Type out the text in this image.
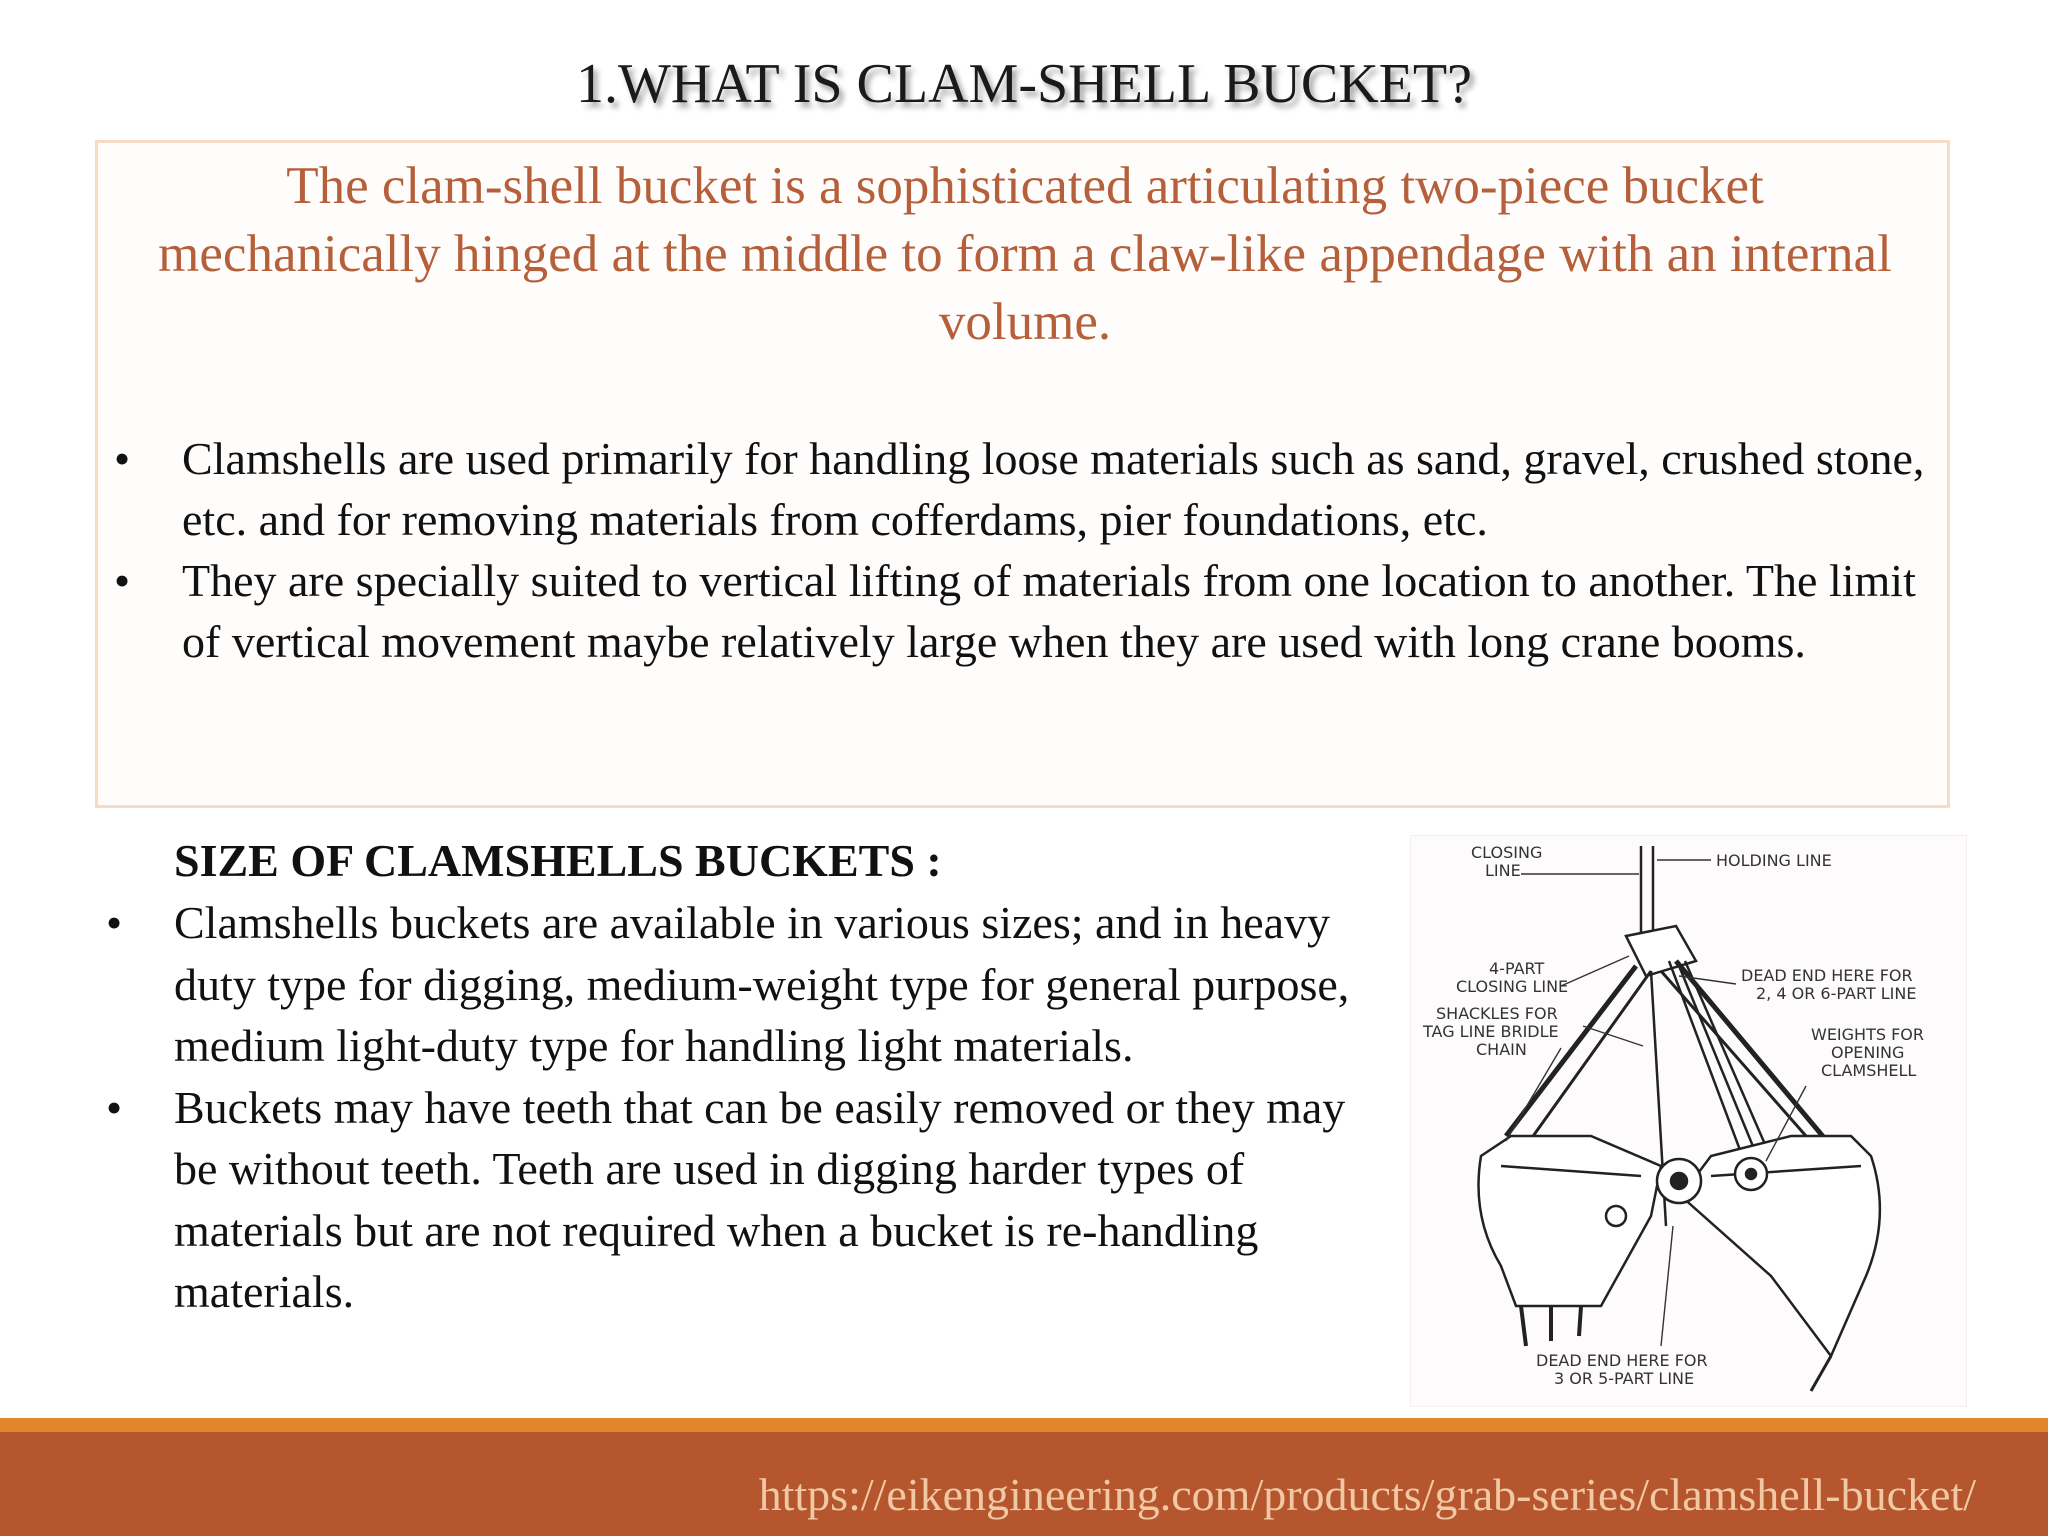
1.WHAT IS CLAM-SHELL BUCKET?
The clam-shell bucket is a sophisticated articulating two-piece bucket mechanically hinged at the middle to form a claw-like appendage with an internal volume.
• Clamshells are used primarily for handling loose materials such as sand, gravel, crushed stone, etc. and for removing materials from cofferdams, pier foundations, etc.
• They are specially suited to vertical lifting of materials from one location to another. The limit of vertical movement maybe relatively large when they are used with long crane booms.
SIZE OF CLAMSHELLS BUCKETS :
• Clamshells buckets are available in various sizes; and in heavy duty type for digging, medium-weight type for general purpose, medium light-duty type for handling light materials.
• Buckets may have teeth that can be easily removed or they may be without teeth. Teeth are used in digging harder types of materials but are not required when a bucket is re-handling materials.
CLOSING
LINE
HOLDING LINE
4-PART
CLOSING LINE
DEAD END HERE FOR
2, 4 OR 6-PART LINE
SHACKLES FOR
TAG LINE BRIDLE
CHAIN
WEIGHTS FOR
OPENING
CLAMSHELL
DEAD END HERE FOR
3 OR 5-PART LINE
https://eikengineering.com/products/grab-series/clamshell-bucket/
